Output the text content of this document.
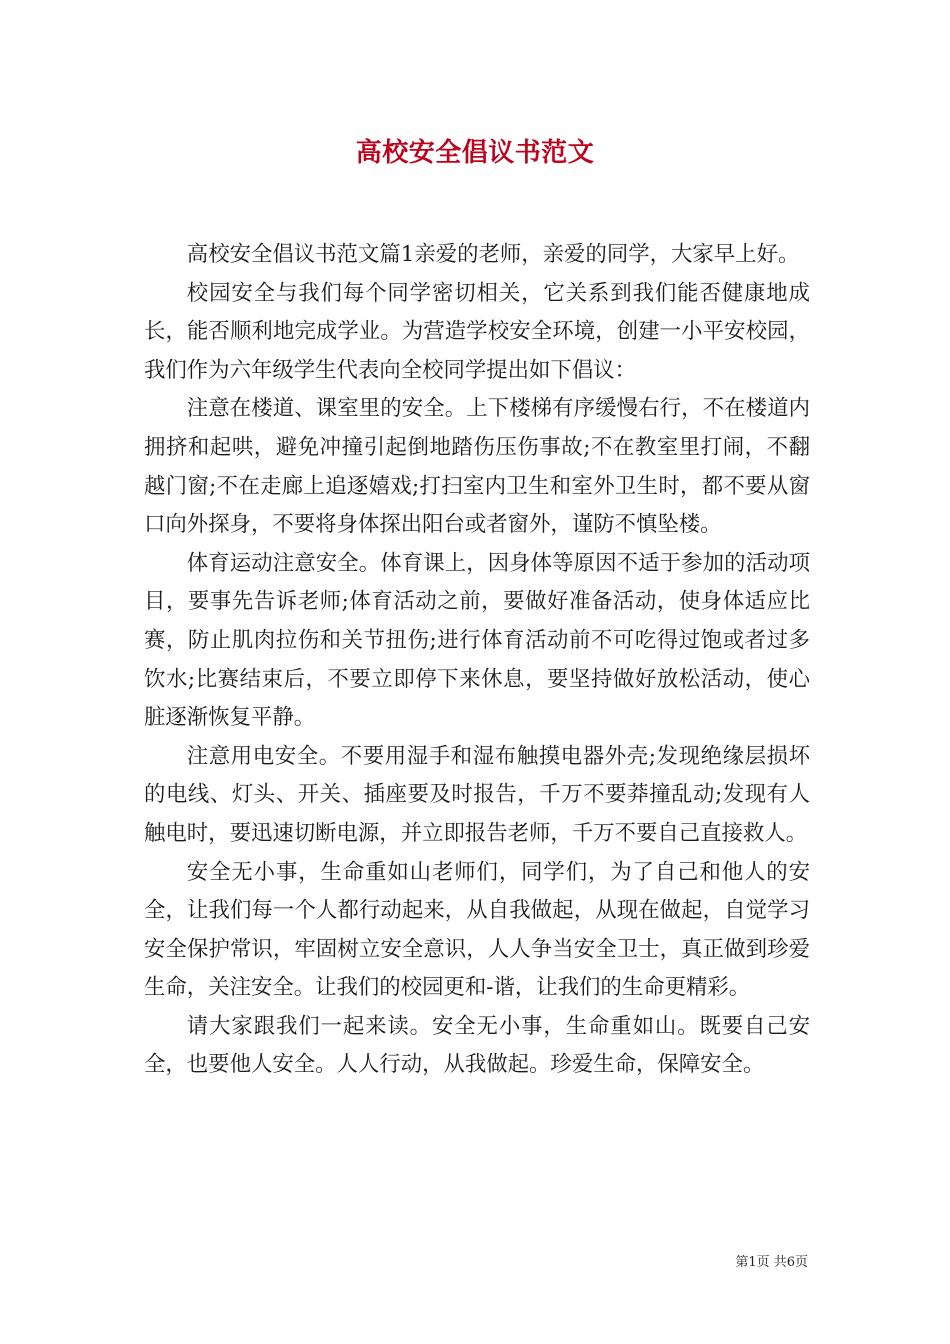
高校安全倡议书范文

高校安全倡议书范文篇1亲爱的老师，亲爱的同学，大家早上好。

校园安全与我们每个同学密切相关，它关系到我们能否健康地成长，能否顺利地完成学业。为营造学校安全环境，创建一小平安校园，我们作为六年级学生代表向全校同学提出如下倡议：

注意在楼道、课室里的安全。上下楼梯有序缓慢右行，不在楼道内拥挤和起哄，避免冲撞引起倒地踏伤压伤事故;不在教室里打闹，不翻越门窗;不在走廊上追逐嬉戏;打扫室内卫生和室外卫生时，都不要从窗口向外探身，不要将身体探出阳台或者窗外，谨防不慎坠楼。

体育运动注意安全。体育课上，因身体等原因不适于参加的活动项目，要事先告诉老师;体育活动之前，要做好准备活动，使身体适应比赛，防止肌肉拉伤和关节扭伤;进行体育活动前不可吃得过饱或者过多饮水;比赛结束后，不要立即停下来休息，要坚持做好放松活动，使心脏逐渐恢复平静。

注意用电安全。不要用湿手和湿布触摸电器外壳;发现绝缘层损坏的电线、灯头、开关、插座要及时报告，千万不要莽撞乱动;发现有人触电时，要迅速切断电源，并立即报告老师，千万不要自己直接救人。

安全无小事，生命重如山老师们，同学们，为了自己和他人的安全，让我们每一个人都行动起来，从自我做起，从现在做起，自觉学习安全保护常识，牢固树立安全意识，人人争当安全卫士，真正做到珍爱生命，关注安全。让我们的校园更和-谐，让我们的生命更精彩。

请大家跟我们一起来读。安全无小事，生命重如山。既要自己安全，也要他人安全。人人行动，从我做起。珍爱生命，保障安全。

第1页 共6页
